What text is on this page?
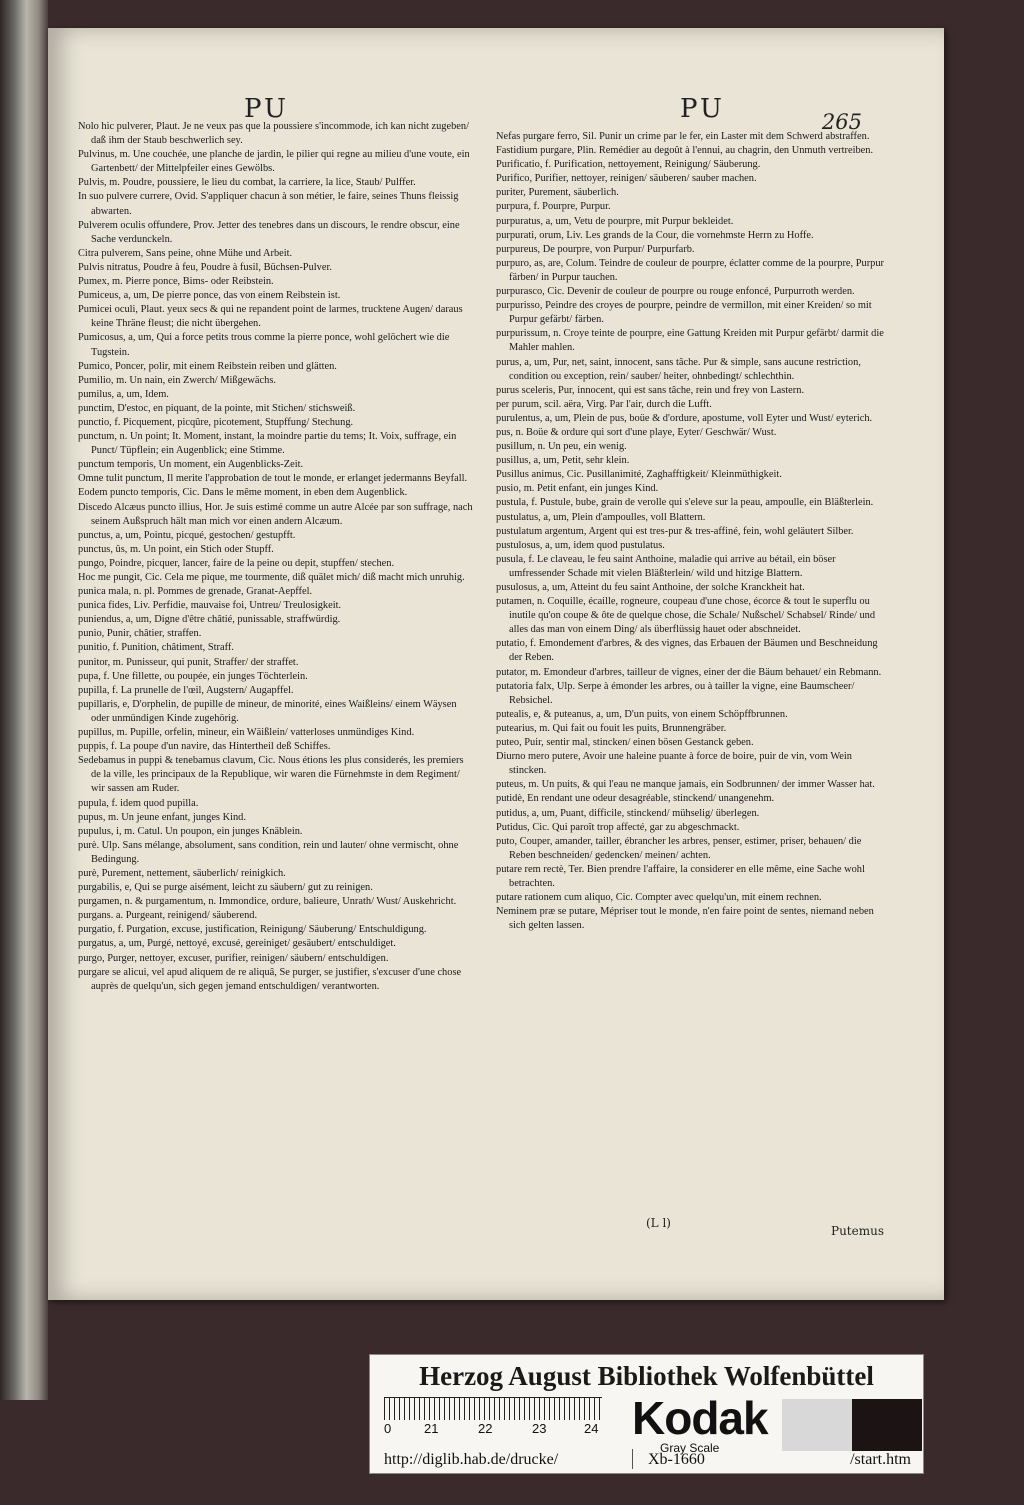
PU	PU	265

Nolo hic pulverer, Plaut. Je ne veux pas que la poussiere s'incommode, ich kan nicht zugeben/ daß ihm der Staub beschwerlich sey.

Pulvinus, m. Une couchée, une planche de jardin, le pilier qui regne au milieu d'une voute, ein Gartenbett/ der Mittelpfeiler eines Gewölbs.

Pulvis, m. Poudre, poussiere, le lieu du combat, la carriere, la lice, Staub/ Pulffer.

In suo pulvere currere, Ovid. S'appliquer chacun à son métier, le faire, seines Thuns fleissig abwarten.

Pulverem oculis offundere, Prov. Jetter des tenebres dans un discours, le rendre obscur, eine Sache verdunckeln.

Citra pulverem, Sans peine, ohne Mühe und Arbeit.

Pulvis nitratus, Poudre à feu, Poudre à fusil, Büchsen-Pulver.

Pumex, m. Pierre ponce, Bims- oder Reibstein.

Pumiceus, a, um, De pierre ponce, das von einem Reibstein ist.

Pumicei oculi, Plaut. yeux secs & qui ne repandent point de larmes, trucktene Augen/ daraus keine Thräne fleust; die nicht übergehen.

Pumicosus, a, um, Qui a force petits trous comme la pierre ponce, wohl gelöchert wie die Tugstein.

Pumico, Poncer, polir, mit einem Reibstein reiben und glätten.

Pumilio, m. Un nain, ein Zwerch/ Mißgewächs.

pumilus, a, um, Idem.

punctim, D'estoc, en piquant, de la pointe, mit Stichen/ stichsweiß.

punctio, f. Picquement, picqûre, picotement, Stupffung/ Stechung.

punctum, n. Un point; It. Moment, instant, la moindre partie du tems; It. Voix, suffrage, ein Punct/ Tüpflein; ein Augenblick; eine Stimme.

punctum temporis, Un moment, ein Augenblicks-Zeit.

Omne tulit punctum, Il merite l'approbation de tout le monde, er erlanget jedermanns Beyfall.

Eodem puncto temporis, Cic. Dans le même moment, in eben dem Augenblick.

Discedo Alcæus puncto illius, Hor. Je suis estimé comme un autre Alcée par son suffrage, nach seinem Außspruch hält man mich vor einen andern Alcæum.

punctus, a, um, Pointu, picqué, gestochen/ gestupfft.

punctus, ûs, m. Un point, ein Stich oder Stupff.

pungo, Poindre, picquer, lancer, faire de la peine ou depit, stupffen/ stechen.

Hoc me pungit, Cic. Cela me pique, me tourmente, diß quälet mich/ diß macht mich unruhig.

punica mala, n. pl. Pommes de grenade, Granat-Aepffel.

punica fides, Liv. Perfidie, mauvaise foi, Untreu/ Treulosigkeit.

puniendus, a, um, Digne d'être châtié, punissable, straffwürdig.

punio, Punir, châtier, straffen.

punitio, f. Punition, châtiment, Straff.

punitor, m. Punisseur, qui punit, Straffer/ der straffet.

pupa, f. Une fillette, ou poupée, ein junges Töchterlein.

pupilla, f. La prunelle de l'œil, Augstern/ Augapffel.

pupillaris, e, D'orphelin, de pupille de mineur, de minorité, eines Waißleins/ einem Wäysen oder unmündigen Kinde zugehörig.

pupillus, m. Pupille, orfelin, mineur, ein Wäißlein/ vatterloses unmündiges Kind.

puppis, f. La poupe d'un navire, das Hintertheil deß Schiffes.

Sedebamus in puppi & tenebamus clavum, Cic. Nous étions les plus considerés, les premiers de la ville, les principaux de la Republique, wir waren die Fürnehmste in dem Regiment/ wir sassen am Ruder.

pupula, f. idem quod pupilla.

pupus, m. Un jeune enfant, junges Kind.

pupulus, i, m. Catul. Un poupon, ein junges Knäblein.

purè. Ulp. Sans mélange, absolument, sans condition, rein und lauter/ ohne vermischt, ohne Bedingung.

purè, Purement, nettement, säuberlich/ reinigkich.

purgabilis, e, Qui se purge aisément, leicht zu säubern/ gut zu reinigen.

purgamen, n. & purgamentum, n. Immondice, ordure, balieure, Unrath/ Wust/ Auskehricht.

purgans. a. Purgeant, reinigend/ säuberend.

purgatio, f. Purgation, excuse, justification, Reinigung/ Säuberung/ Entschuldigung.

purgatus, a, um, Purgé, nettoyé, excusé, gereiniget/ gesäubert/ entschuldiget.

purgo, Purger, nettoyer, excuser, purifier, reinigen/ säubern/ entschuldigen.

purgare se alicui, vel apud aliquem de re aliquâ, Se purger, se justifier, s'excuser d'une chose auprès de quelqu'un, sich gegen jemand entschuldigen/ verantworten.

Nefas purgare ferro, Sil. Punir un crime par le fer, ein Laster mit dem Schwerd abstraffen.

Fastidium purgare, Plin. Remédier au degoût à l'ennui, au chagrin, den Unmuth vertreiben.

Purificatio, f. Purification, nettoyement, Reinigung/ Säuberung.

Purifico, Purifier, nettoyer, reinigen/ säuberen/ sauber machen.

puriter, Purement, säuberlich.

purpura, f. Pourpre, Purpur.

purpuratus, a, um, Vetu de pourpre, mit Purpur bekleidet.

purpurati, orum, Liv. Les grands de la Cour, die vornehmste Herrn zu Hoffe.

purpureus, De pourpre, von Purpur/ Purpurfarb.

purpuro, as, are, Colum. Teindre de couleur de pourpre, éclatter comme de la pourpre, Purpur färben/ in Purpur tauchen.

purpurasco, Cic. Devenir de couleur de pourpre ou rouge enfoncé, Purpurroth werden.

purpurisso, Peindre des croyes de pourpre, peindre de vermillon, mit einer Kreiden/ so mit Purpur gefärbt/ färben.

purpurissum, n. Croye teinte de pourpre, eine Gattung Kreiden mit Purpur gefärbt/ darmit die Mahler mahlen.

purus, a, um, Pur, net, saint, innocent, sans tâche. Pur & simple, sans aucune restriction, condition ou exception, rein/ sauber/ heiter, ohnbedingt/ schlechthin.

purus sceleris, Pur, innocent, qui est sans tâche, rein und frey von Lastern.

per purum, scil. aëra, Virg. Par l'air, durch die Lufft.

purulentus, a, um, Plein de pus, boüe & d'ordure, apostume, voll Eyter und Wust/ eyterich.

pus, n. Boüe & ordure qui sort d'une playe, Eyter/ Geschwär/ Wust.

pusillum, n. Un peu, ein wenig.

pusillus, a, um, Petit, sehr klein.

Pusillus animus, Cic. Pusillanimité, Zaghafftigkeit/ Kleinmüthigkeit.

pusio, m. Petit enfant, ein junges Kind.

pustula, f. Pustule, bube, grain de verolle qui s'eleve sur la peau, ampoulle, ein Bläßterlein.

pustulatus, a, um, Plein d'ampoulles, voll Blattern.

pustulatum argentum, Argent qui est tres-pur & tres-affiné, fein, wohl geläutert Silber.

pustulosus, a, um, idem quod pustulatus.

pusula, f. Le claveau, le feu saint Anthoine, maladie qui arrive au bétail, ein böser umfressender Schade mit vielen Bläßterlein/ wild und hitzige Blattern.

pusulosus, a, um, Atteint du feu saint Anthoine, der solche Kranckheit hat.

putamen, n. Coquille, écaille, rogneure, coupeau d'une chose, écorce & tout le superflu ou inutile qu'on coupe & ôte de quelque chose, die Schale/ Nußschel/ Schabsel/ Rinde/ und alles das man von einem Ding/ als überflüssig hauet oder abschneidet.

putatio, f. Emondement d'arbres, & des vignes, das Erbauen der Bäumen und Beschneidung der Reben.

putator, m. Emondeur d'arbres, tailleur de vignes, einer der die Bäum behauet/ ein Rebmann.

putatoria falx, Ulp. Serpe à émonder les arbres, ou à tailler la vigne, eine Baumscheer/ Rebsichel.

putealis, e, & puteanus, a, um, D'un puits, von einem Schöpffbrunnen.

putearius, m. Qui fait ou fouit les puits, Brunnengräber.

puteo, Puir, sentir mal, stincken/ einen bösen Gestanck geben.

Diurno mero putere, Avoir une haleine puante à force de boire, puir de vin, vom Wein stincken.

puteus, m. Un puits, & qui l'eau ne manque jamais, ein Sodbrunnen/ der immer Wasser hat.

putidè, En rendant une odeur desagréable, stinckend/ unangenehm.

putidus, a, um, Puant, difficile, stinckend/ mühselig/ überlegen.

Putidus, Cic. Qui paroît trop affecté, gar zu abgeschmackt.

puto, Couper, amander, tailler, ébrancher les arbres, penser, estimer, priser, behauen/ die Reben beschneiden/ gedencken/ meinen/ achten.

putare rem rectè, Ter. Bien prendre l'affaire, la considerer en elle même, eine Sache wohl betrachten.

putare rationem cum aliquo, Cic. Compter avec quelqu'un, mit einem rechnen.

Neminem præ se putare, Mépriser tout le monde, n'en faire point de sentes, niemand neben sich gelten lassen.

(L l)
Putemus
Herzog August Bibliothek Wolfenbüttel
0	21	22	23	24 Kodak
Gray Scale
http://diglib.hab.de/drucke/	Xb-1660	/start.htm
